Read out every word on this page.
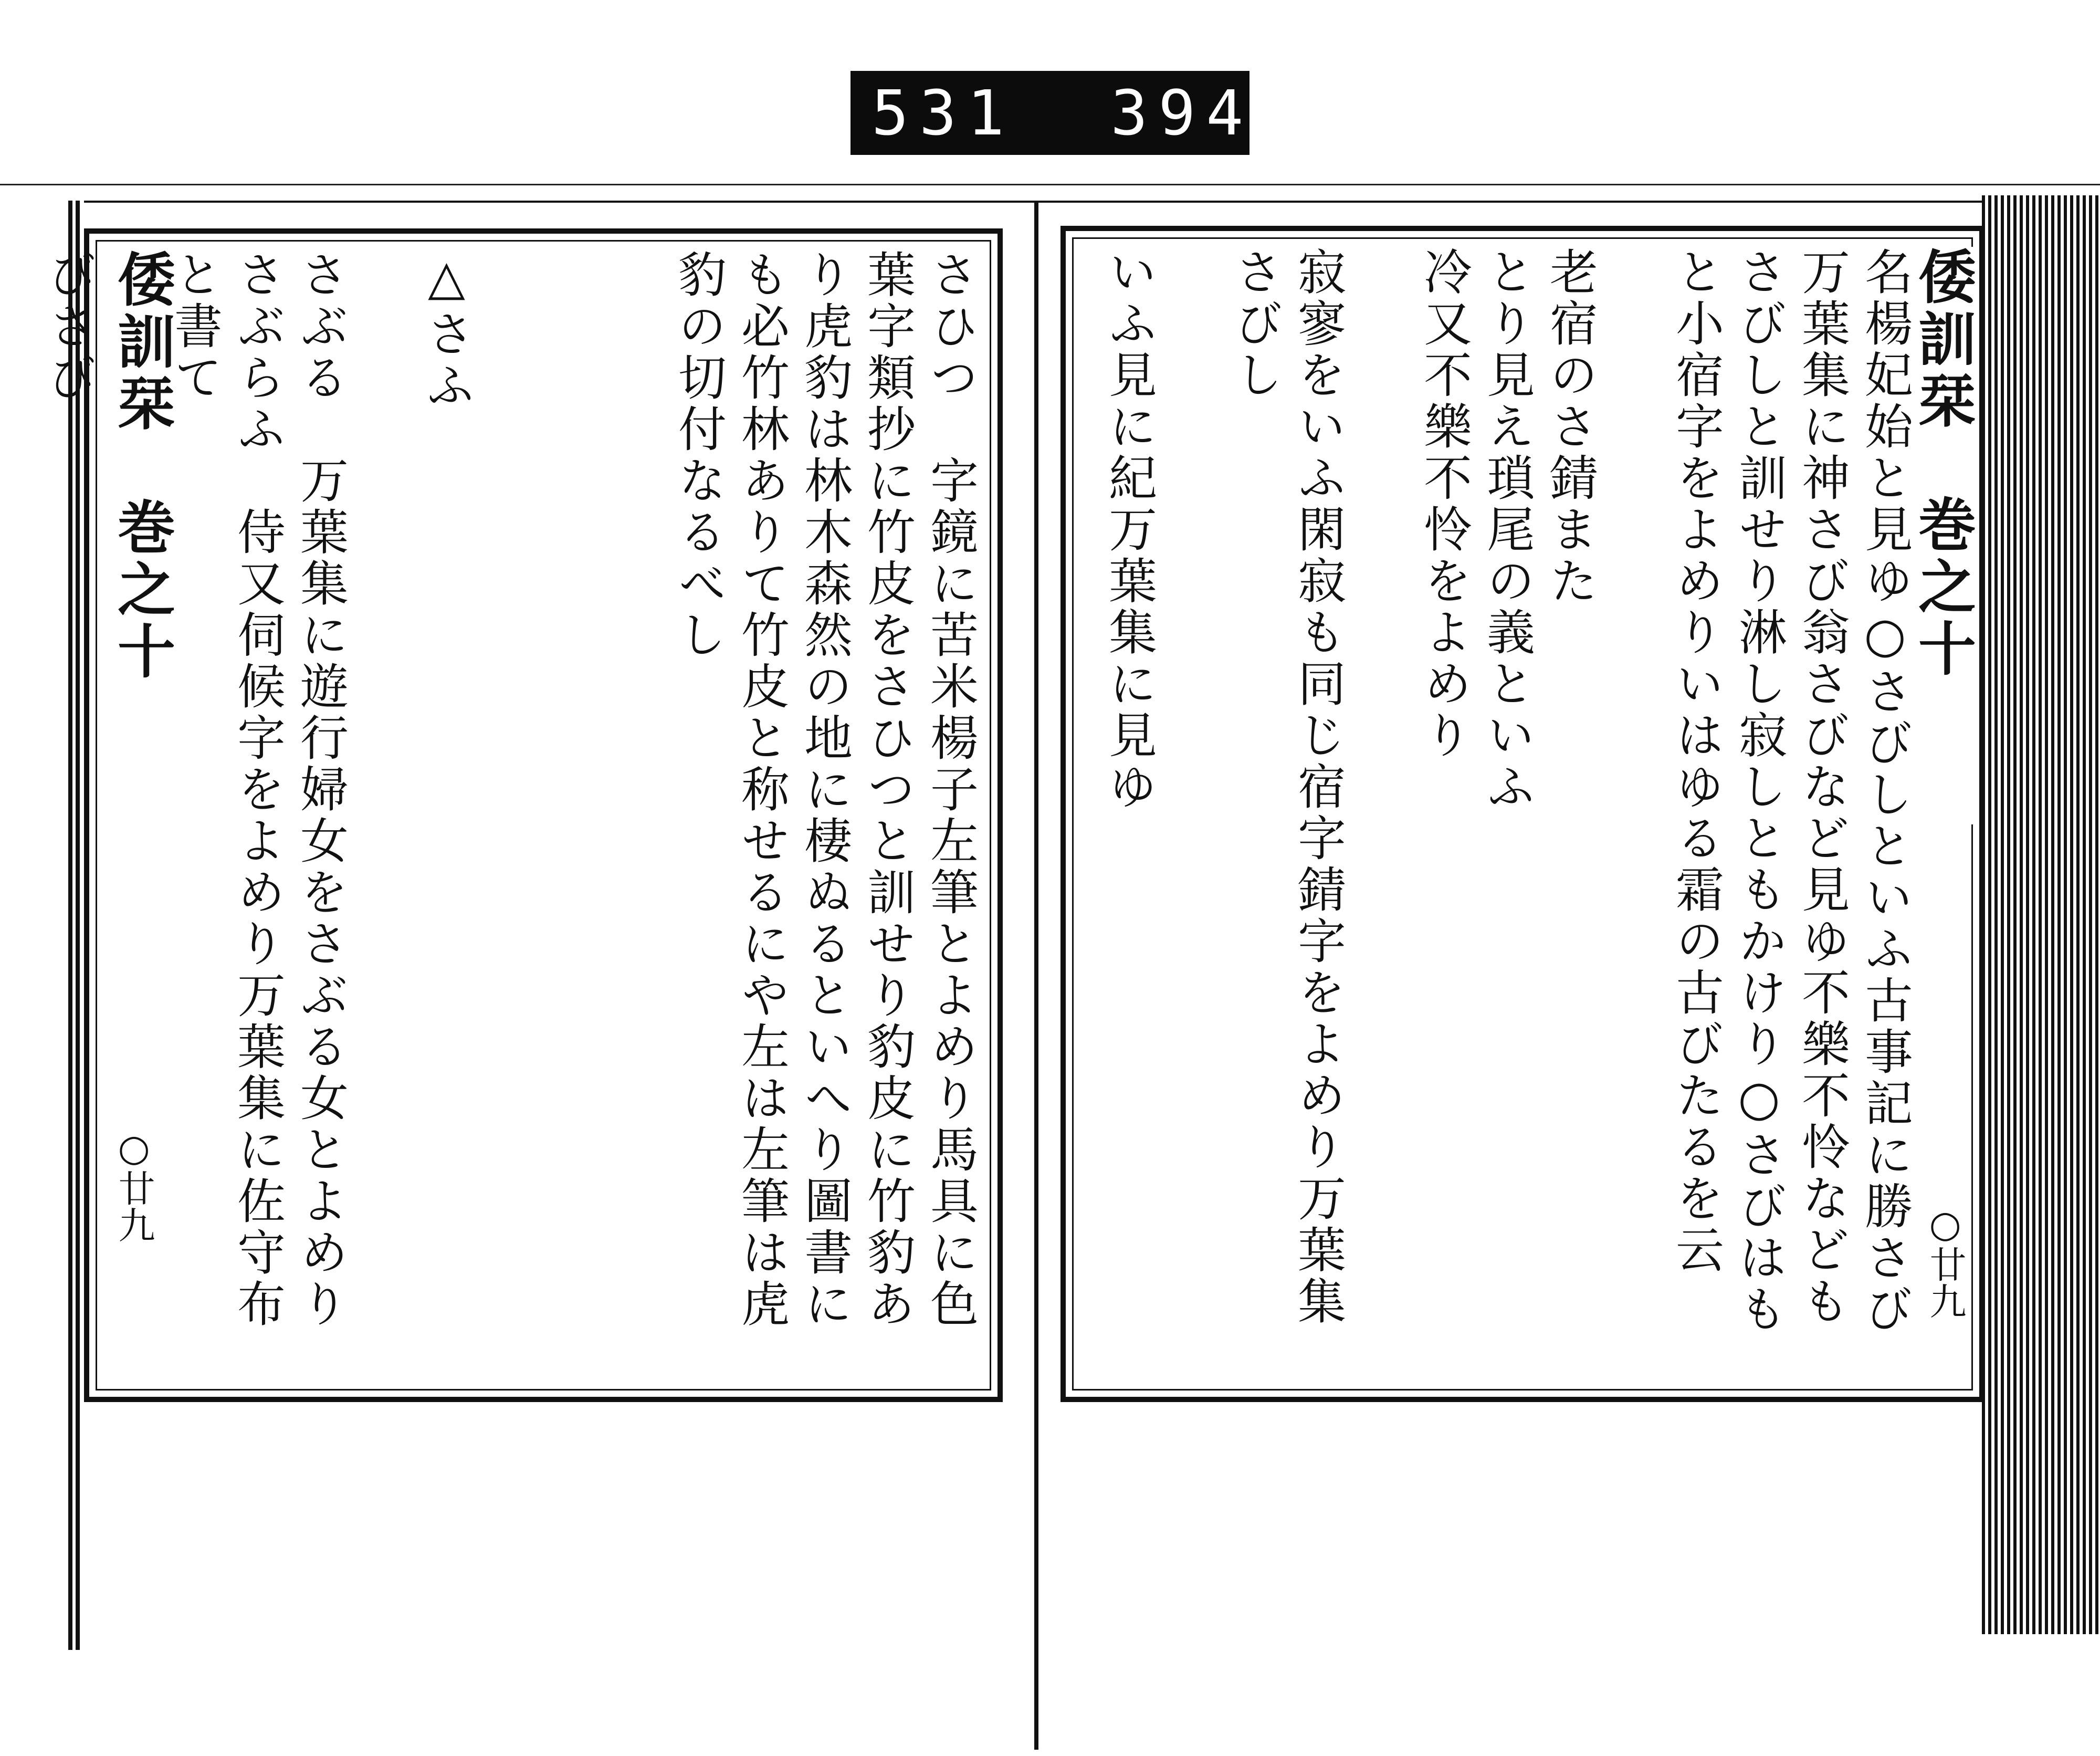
531  394.
倭訓栞　巻之十
○廿九
さひつ　字鏡に苦米楊子左筆とよめり馬具に色葉字類抄に竹皮をさひつと訓せり豹皮に竹豹あり虎豹は林木森然の地に棲ぬるといへり圖書にも必竹林ありて竹皮と称せるにや左は左筆は虎豹の切付なるべし

△さふ

さぶる　万葉集に遊行婦女をさぶる女とよめり
さぶらふ　侍又伺候字をよめり万葉集に佐守布と書て

びさび

　	倭訓栞　巻之十
○廿九
名楊妃始と見ゆ○さびしといふ古事記に勝さび万葉集に神さび翁さびなど見ゆ不樂不怜なども
さびしと訓せり淋し寂しともかけり○さびはもと小宿字をよめりいはゆる霜の古びたるを云

老宿のさ錆また
とり見え瑣尾の義といふ
冷又不樂不怜をよめり

寂寥をいふ閑寂も同じ宿字錆字をよめり万葉集
さびし

いふ見に紀万葉集に見ゆ
